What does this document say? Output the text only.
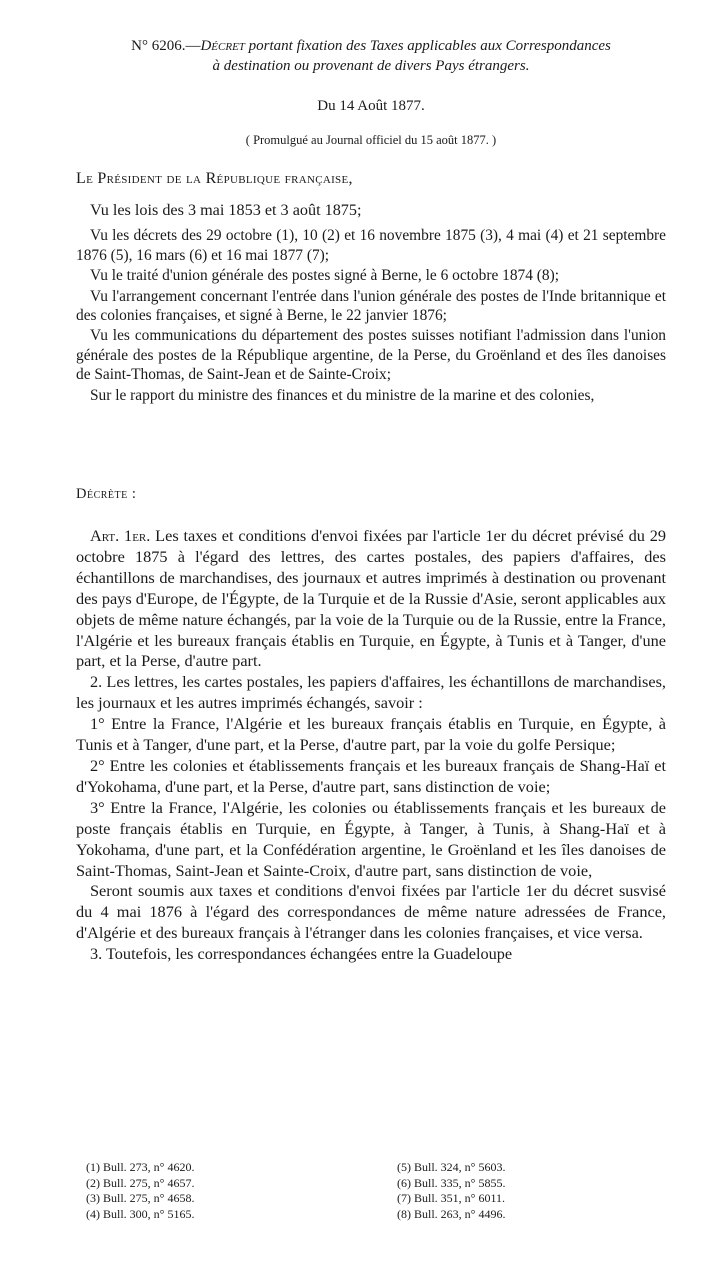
N° 6206.—Décret portant fixation des Taxes applicables aux Correspondances
à destination ou provenant de divers Pays étrangers.
Du 14 Août 1877.
( Promulgué au Journal officiel du 15 août 1877. )
Le Président de la République française,

Vu les lois des 3 mai 1853 et 3 août 1875;

Vu les décrets des 29 octobre (1), 10 (2) et 16 novembre 1875 (3), 4 mai (4) et 21 septembre 1876 (5), 16 mars (6) et 16 mai 1877 (7);

Vu le traité d'union générale des postes signé à Berne, le 6 octobre 1874 (8);

Vu l'arrangement concernant l'entrée dans l'union générale des postes de l'Inde britannique et des colonies françaises, et signé à Berne, le 22 janvier 1876;

Vu les communications du département des postes suisses notifiant l'admission dans l'union générale des postes de la République argentine, de la Perse, du Groënland et des îles danoises de Saint-Thomas, de Saint-Jean et de Sainte-Croix;

Sur le rapport du ministre des finances et du ministre de la marine et des colonies,

Décrète :

Art. 1er. Les taxes et conditions d'envoi fixées par l'article 1er du décret prévisé du 29 octobre 1875 à l'égard des lettres, des cartes postales, des papiers d'affaires, des échantillons de marchandises, des journaux et autres imprimés à destination ou provenant des pays d'Europe, de l'Égypte, de la Turquie et de la Russie d'Asie, seront applicables aux objets de même nature échangés, par la voie de la Turquie ou de la Russie, entre la France, l'Algérie et les bureaux français établis en Turquie, en Égypte, à Tunis et à Tanger, d'une part, et la Perse, d'autre part.

2. Les lettres, les cartes postales, les papiers d'affaires, les échantillons de marchandises, les journaux et les autres imprimés échangés, savoir :

1° Entre la France, l'Algérie et les bureaux français établis en Turquie, en Égypte, à Tunis et à Tanger, d'une part, et la Perse, d'autre part, par la voie du golfe Persique;

2° Entre les colonies et établissements français et les bureaux français de Shang-Haï et d'Yokohama, d'une part, et la Perse, d'autre part, sans distinction de voie;

3° Entre la France, l'Algérie, les colonies ou établissements français et les bureaux de poste français établis en Turquie, en Égypte, à Tanger, à Tunis, à Shang-Haï et à Yokohama, d'une part, et la Confédération argentine, le Groënland et les îles danoises de Saint-Thomas, Saint-Jean et Sainte-Croix, d'autre part, sans distinction de voie,

Seront soumis aux taxes et conditions d'envoi fixées par l'article 1er du décret susvisé du 4 mai 1876 à l'égard des correspondances de même nature adressées de France, d'Algérie et des bureaux français à l'étranger dans les colonies françaises, et vice versa.

3. Toutefois, les correspondances échangées entre la Guadeloupe

(1) Bull. 273, n° 4620.
(2) Bull. 275, n° 4657.
(3) Bull. 275, n° 4658.
(4) Bull. 300, n° 5165.
(5) Bull. 324, n° 5603.
(6) Bull. 335, n° 5855.
(7) Bull. 351, n° 6011.
(8) Bull. 263, n° 4496.
